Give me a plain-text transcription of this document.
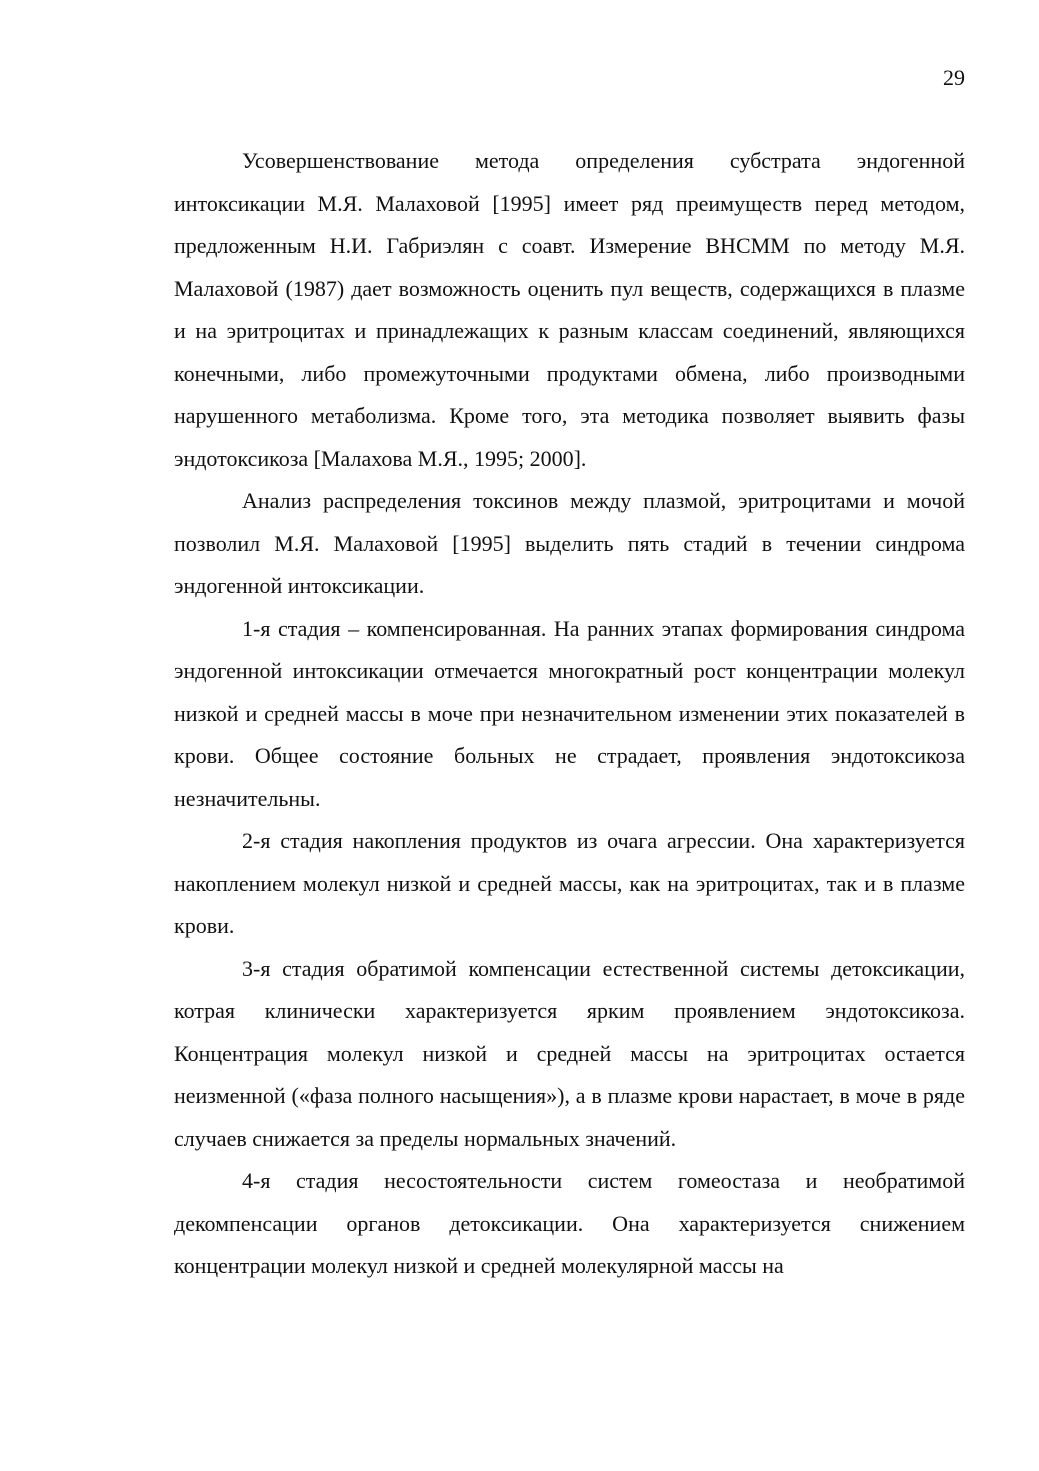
29

Усовершенствование метода определения субстрата эндогенной интоксикации М.Я. Малаховой [1995] имеет ряд преимуществ перед методом, предложенным Н.И. Габриэлян с соавт. Измерение ВНСММ по методу М.Я. Малаховой (1987) дает возможность оценить пул веществ, содержащихся в плазме и на эритроцитах и принадлежащих к разным классам соединений, являющихся конечными, либо промежуточными продуктами обмена, либо производными нарушенного метаболизма. Кроме того, эта методика позволяет выявить фазы эндотоксикоза [Малахова М.Я., 1995; 2000].

Анализ распределения токсинов между плазмой, эритроцитами и мочой позволил М.Я. Малаховой [1995] выделить пять стадий в течении синдрома эндогенной интоксикации.

1-я стадия – компенсированная. На ранних этапах формирования синдрома эндогенной интоксикации отмечается многократный рост концентрации молекул низкой и средней массы в моче при незначительном изменении этих показателей в крови. Общее состояние больных не страдает, проявления эндотоксикоза незначительны.

2-я стадия накопления продуктов из очага агрессии. Она характеризуется накоплением молекул низкой и средней массы, как на эритроцитах, так и в плазме крови.

3-я стадия обратимой компенсации естественной системы детоксикации, котрая клинически характеризуется ярким проявлением эндотоксикоза. Концентрация молекул низкой и средней массы на эритроцитах остается неизменной («фаза полного насыщения»), а в плазме крови нарастает, в моче в ряде случаев снижается за пределы нормальных значений.

4-я стадия несостоятельности систем гомеостаза и необратимой декомпенсации органов детоксикации. Она характеризуется снижением концентрации молекул низкой и средней молекулярной массы на
